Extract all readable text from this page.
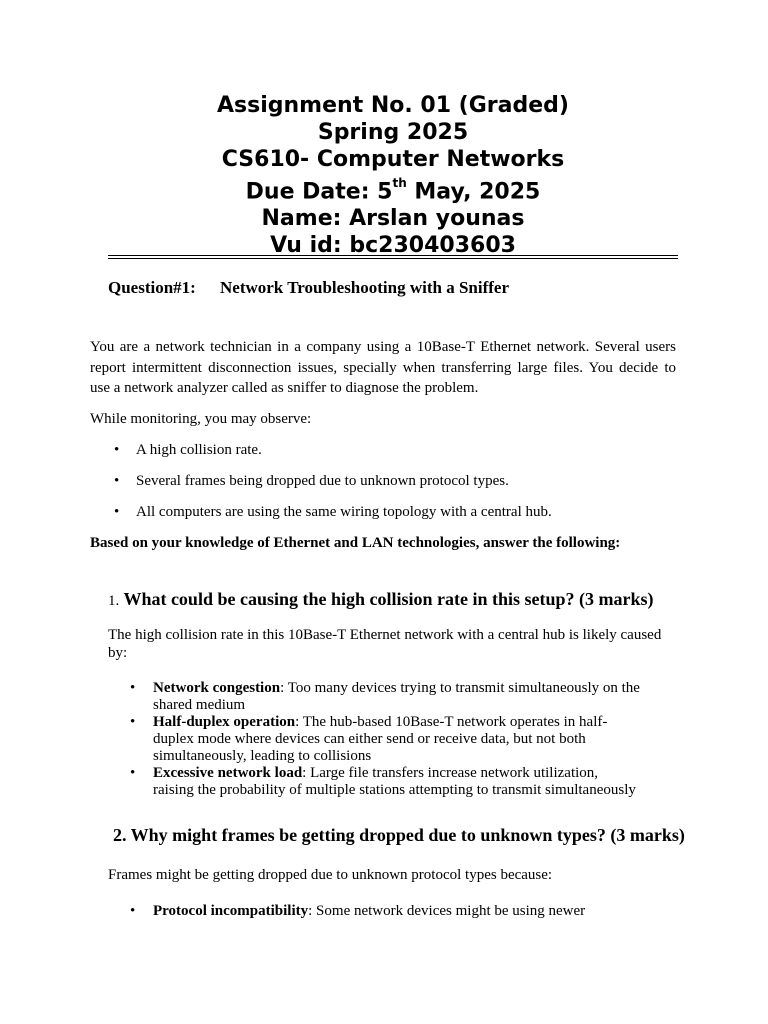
Assignment No. 01 (Graded)
Spring 2025
CS610- Computer Networks
Due Date: 5th May, 2025
Name: Arslan younas
Vu id: bc230403603
Question#1: Network Troubleshooting with a Sniffer
You are a network technician in a company using a 10Base-T Ethernet network. Several users
report intermittent disconnection issues, specially when transferring large files. You decide to
use a network analyzer called as sniffer to diagnose the problem.
While monitoring, you may observe:
• A high collision rate.
• Several frames being dropped due to unknown protocol types.
• All computers are using the same wiring topology with a central hub.
Based on your knowledge of Ethernet and LAN technologies, answer the following:
1. What could be causing the high collision rate in this setup? (3 marks)
The high collision rate in this 10Base-T Ethernet network with a central hub is likely caused
by:
• Network congestion: Too many devices trying to transmit simultaneously on the
shared medium
• Half-duplex operation: The hub-based 10Base-T network operates in half-
duplex mode where devices can either send or receive data, but not both
simultaneously, leading to collisions
• Excessive network load: Large file transfers increase network utilization,
raising the probability of multiple stations attempting to transmit simultaneously
2. Why might frames be getting dropped due to unknown types? (3 marks)
Frames might be getting dropped due to unknown protocol types because:
• Protocol incompatibility: Some network devices might be using newer
